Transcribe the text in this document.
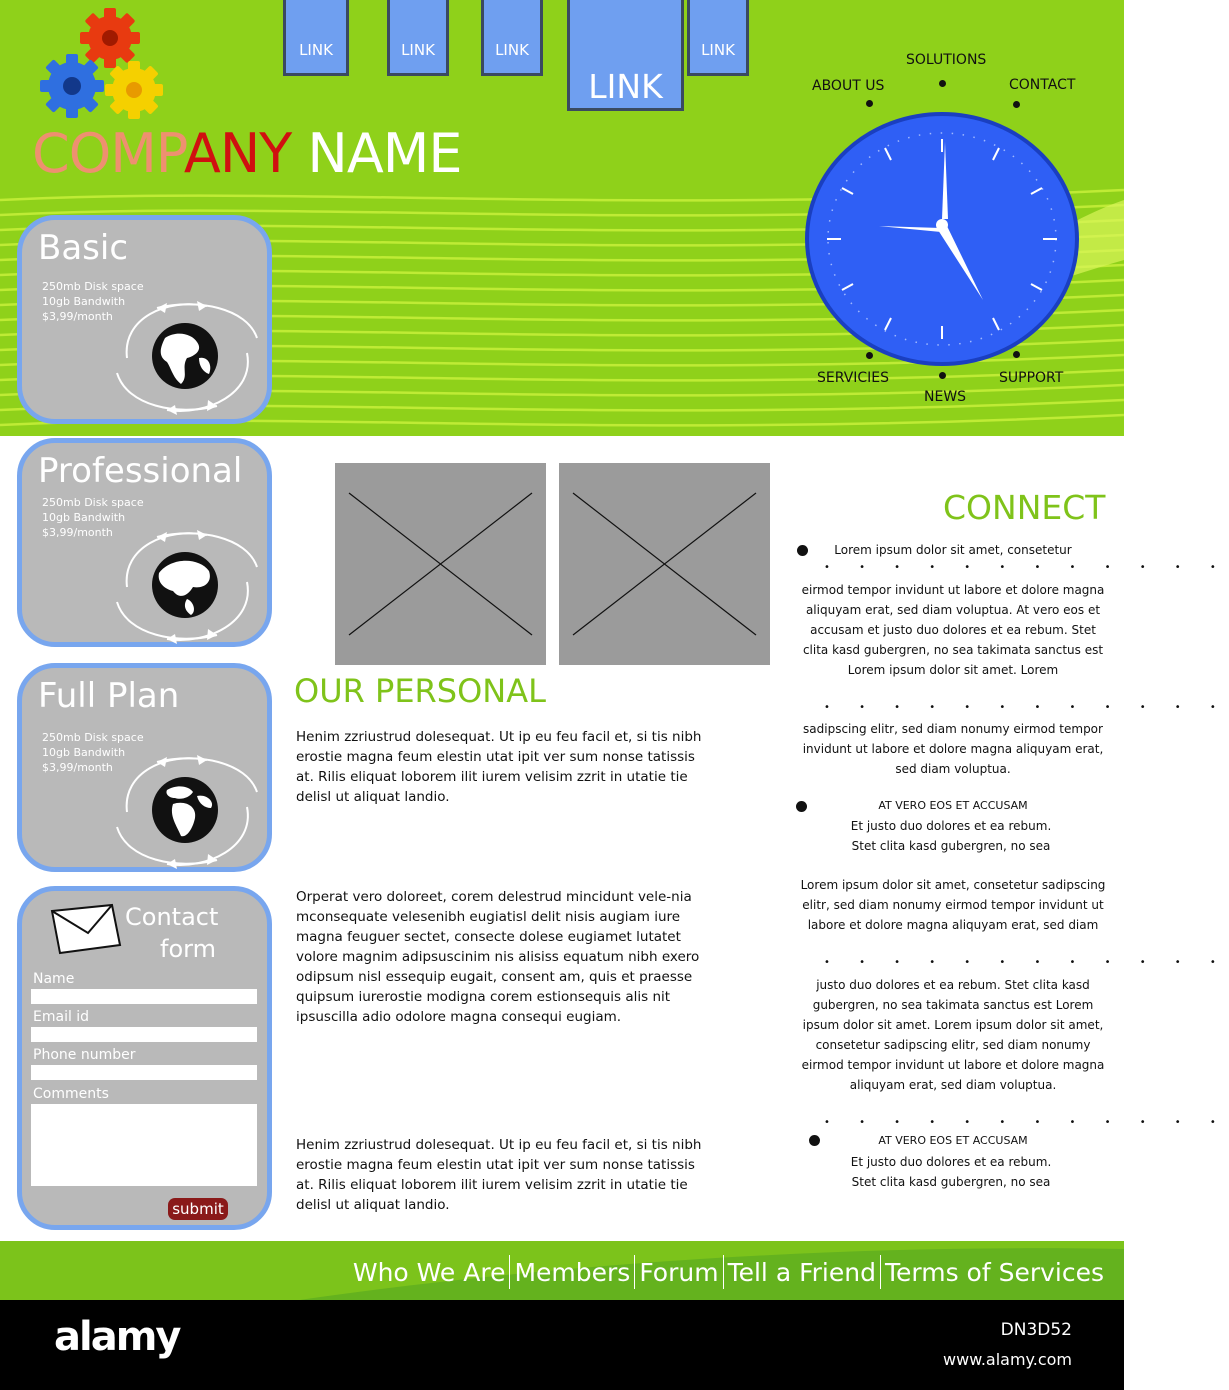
LINK	LINK	LINK
LINK
LINK
COMPANY NAME
SOLUTIONS
ABOUT US	CONTACT
SERVICIES
NEWS
SUPPORT
Basic
250mb Disk space
10gb Bandwith
$3,99/month
Professional
250mb Disk space
10gb Bandwith
$3,99/month
Full Plan
250mb Disk space
10gb Bandwith
$3,99/month
Contact
form
Name
Email id
Phone number
Comments
submit
OUR PERSONAL
Henim zzriustrud dolesequat. Ut ip eu feu facil et, si tis nibh erostie magna feum elestin utat ipit ver sum nonse tatissis at. Rilis eliquat loborem ilit iurem velisim zzrit in utatie tie delisl ut aliquat landio.
Orperat vero doloreet, corem delestrud mincidunt vele-nia mconsequate velesenibh eugiatisl delit nisis augiam iure magna feuguer sectet, consecte dolese eugiamet lutatet volore magnim adipsuscinim nis alisiss equatum nibh exero odipsum nisl essequip eugait, consent am, quis et praesse quipsum iurerostie modigna corem estionsequis alis nit ipsuscilla adio odolore magna consequi eugiam.
Henim zzriustrud dolesequat. Ut ip eu feu facil et, si tis nibh erostie magna feum elestin utat ipit ver sum nonse tatissis at. Rilis eliquat loborem ilit iurem velisim zzrit in utatie tie delisl ut aliquat landio.
CONNECT
Lorem ipsum dolor sit amet, consetetur
• • • • • • • • • • • •
eirmod tempor invidunt ut labore et dolore magna aliquyam erat, sed diam voluptua. At vero eos et accusam et justo duo dolores et ea rebum. Stet clita kasd gubergren, no sea takimata sanctus est Lorem ipsum dolor sit amet. Lorem
• • • • • • • • • • • •
sadipscing elitr, sed diam nonumy eirmod tempor invidunt ut labore et dolore magna aliquyam erat, sed diam voluptua.
AT VERO EOS ET ACCUSAM
Et justo duo dolores et ea rebum. Stet clita kasd gubergren, no sea
Lorem ipsum dolor sit amet, consetetur sadipscing elitr, sed diam nonumy eirmod tempor invidunt ut labore et dolore magna aliquyam erat, sed diam
• • • • • • • • • • • •
justo duo dolores et ea rebum. Stet clita kasd gubergren, no sea takimata sanctus est Lorem ipsum dolor sit amet. Lorem ipsum dolor sit amet, consetetur sadipscing elitr, sed diam nonumy eirmod tempor invidunt ut labore et dolore magna aliquyam erat, sed diam voluptua.
• • • • • • • • • • • •
AT VERO EOS ET ACCUSAM
Et justo duo dolores et ea rebum. Stet clita kasd gubergren, no sea
Who We Are Members Forum Tell a Friend Terms of Services
alamy	DN3D52
www.alamy.com
